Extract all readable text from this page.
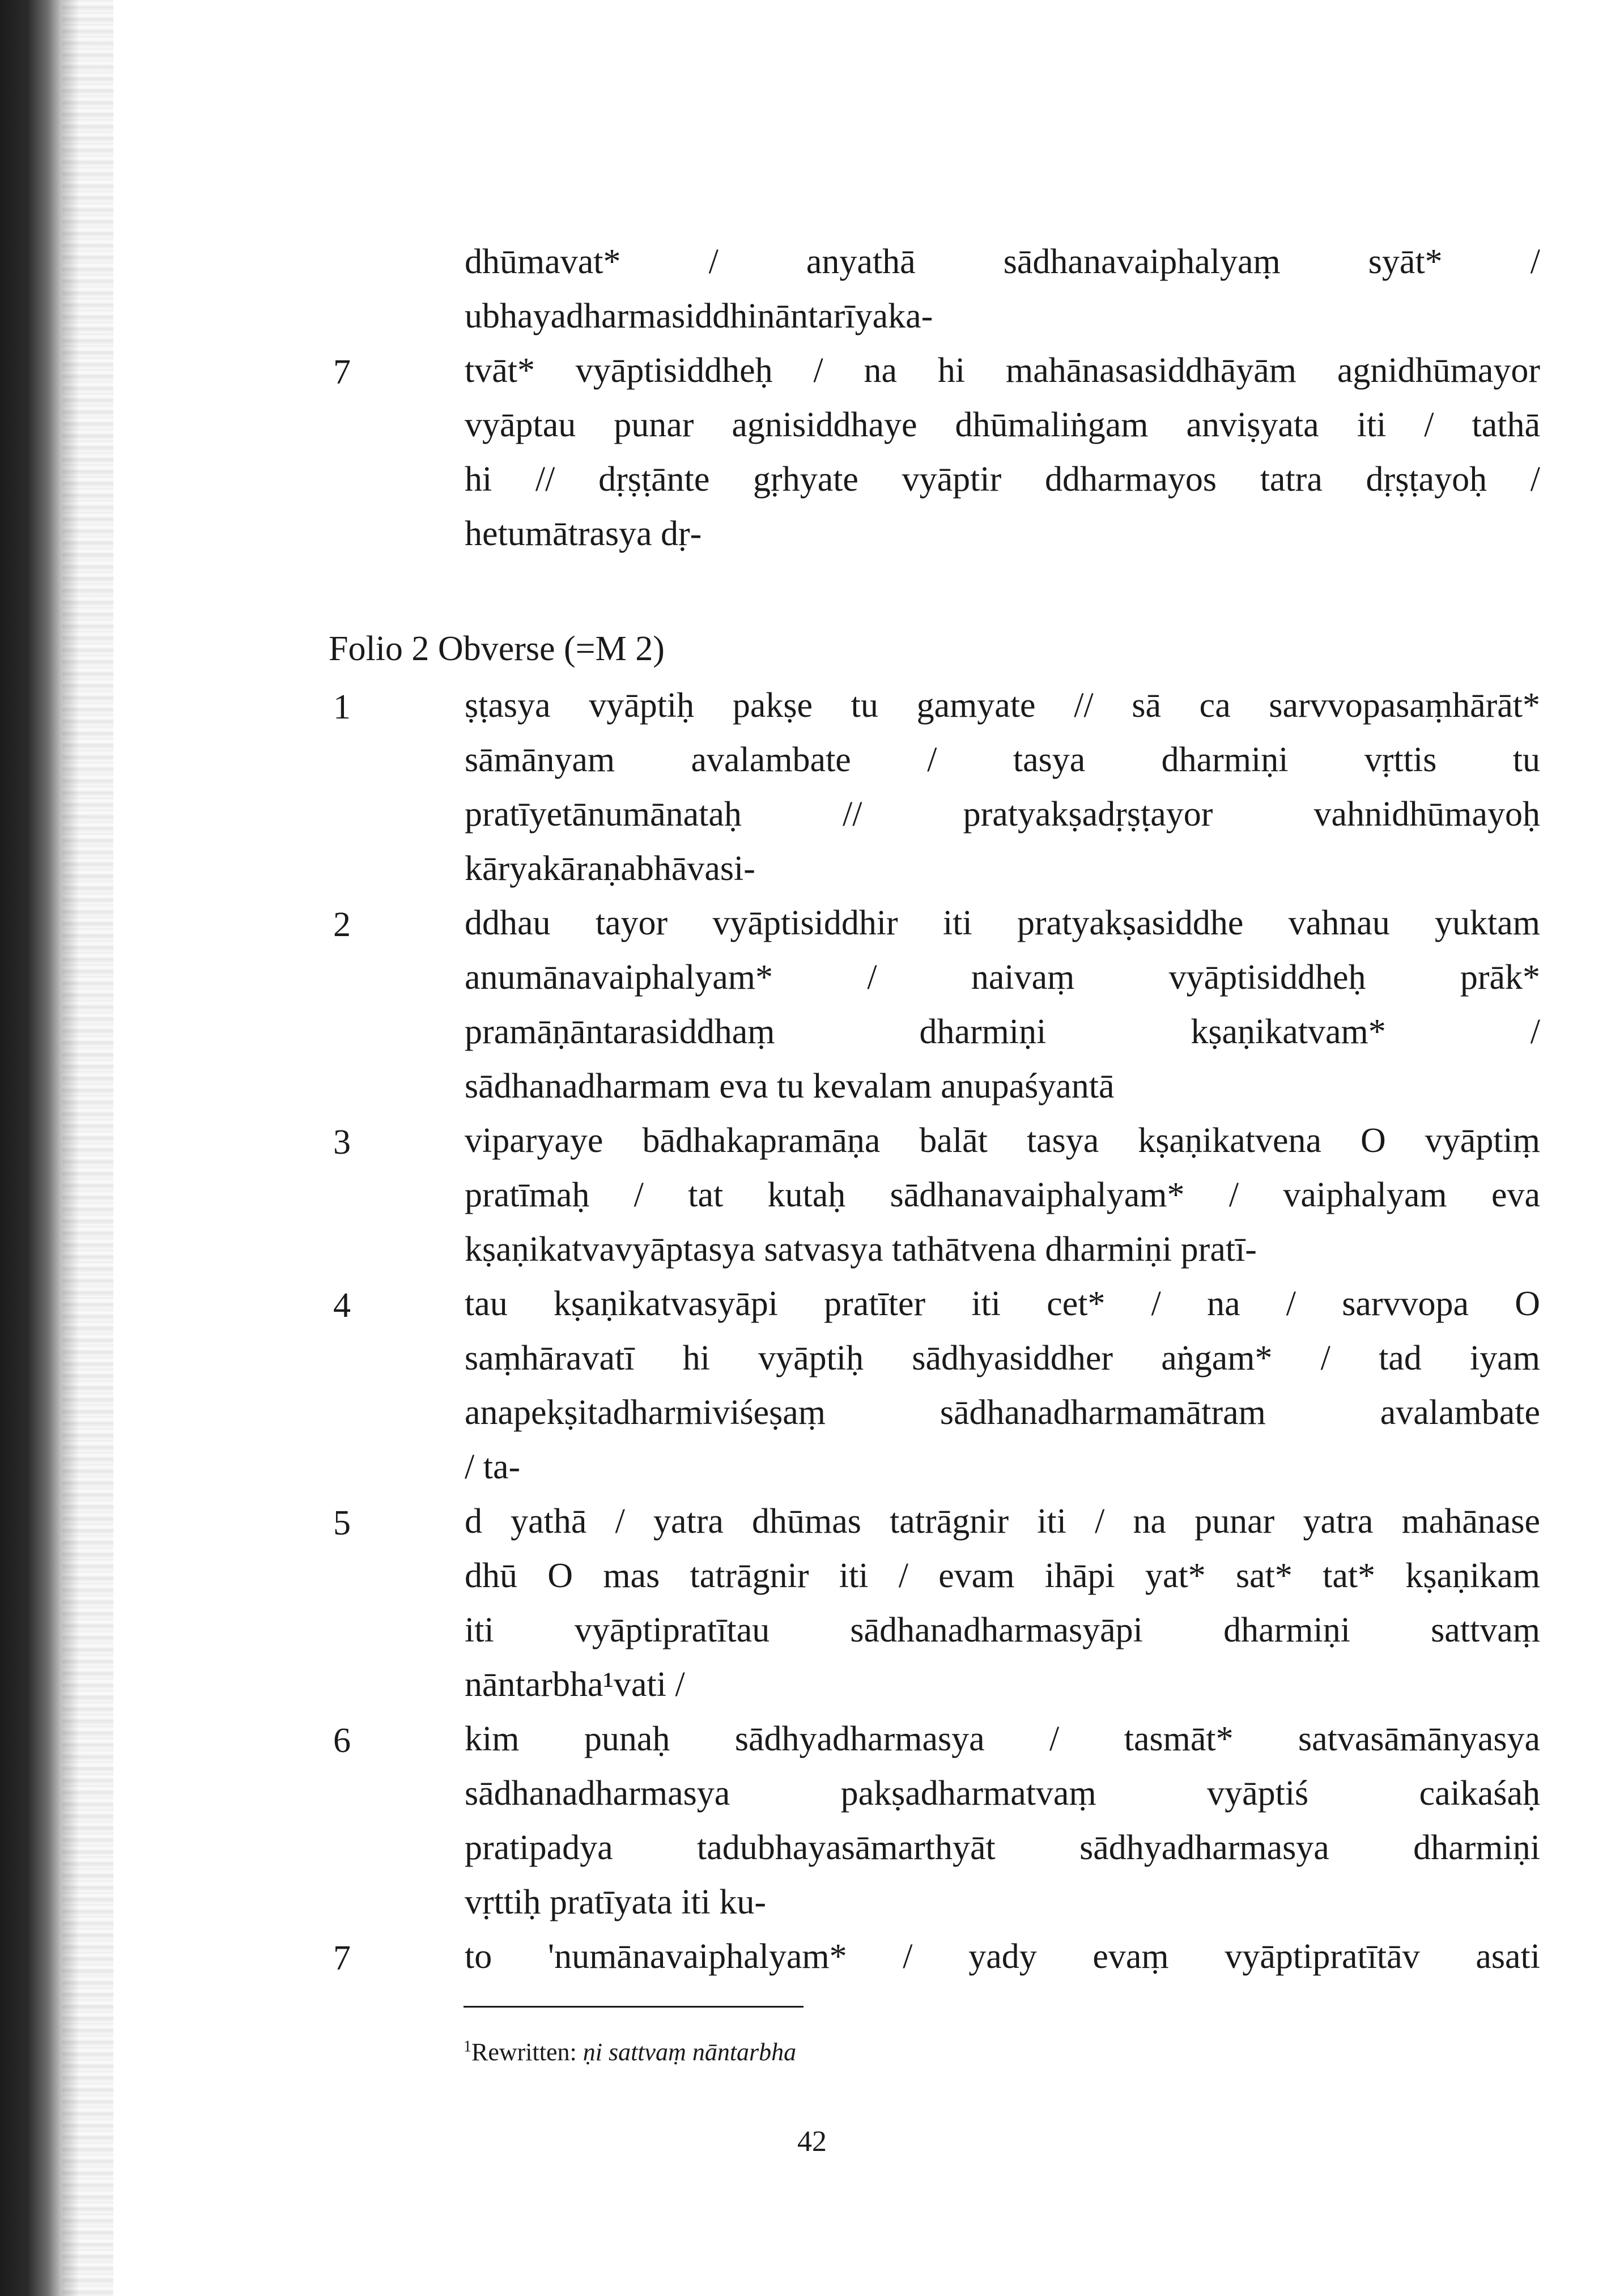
dhūmavat* / anyathā sādhanavaiphalyaṃ syāt* /
ubhayadharmasiddhināntarīyaka-
7	tvāt* vyāptisiddheḥ / na hi mahānasasiddhāyām agnidhūmayor
vyāptau punar agnisiddhaye dhūmaliṅgam anviṣyata iti / tathā
hi // dṛṣṭānte gṛhyate vyāptir ddharmayos tatra dṛṣṭayoḥ /
hetumātrasya dṛ-
Folio 2 Obverse (=M 2)
1	ṣṭasya vyāptiḥ pakṣe tu gamyate // sā ca sarvvopasaṃhārāt*
sāmānyam avalambate / tasya dharmiṇi vṛttis tu
pratīyetānumānataḥ // pratyakṣadṛṣṭayor vahnidhūmayoḥ
kāryakāraṇabhāvasi-
2	ddhau tayor vyāptisiddhir iti pratyakṣasiddhe vahnau yuktam
anumānavaiphalyam* / naivaṃ vyāptisiddheḥ prāk*
pramāṇāntarasiddhaṃ dharmiṇi kṣaṇikatvam* /
sādhanadharmam eva tu kevalam anupaśyantā
3	viparyaye bādhakapramāṇa balāt tasya kṣaṇikatvena O vyāptiṃ
pratīmaḥ / tat kutaḥ sādhanavaiphalyam* / vaiphalyam eva
kṣaṇikatvavyāptasya satvasya tathātvena dharmiṇi pratī-
4	tau kṣaṇikatvasyāpi pratīter iti cet* / na / sarvvopa O
saṃhāravatī hi vyāptiḥ sādhyasiddher aṅgam* / tad iyam
anapekṣitadharmiviśeṣaṃ sādhanadharmamātram avalambate
/ ta-
5	d yathā / yatra dhūmas tatrāgnir iti / na punar yatra mahānase
dhū O mas tatrāgnir iti / evam ihāpi yat* sat* tat* kṣaṇikam
iti vyāptipratītau sādhanadharmasyāpi dharmiṇi sattvaṃ
nāntarbha¹vati /
6	kim punaḥ sādhyadharmasya / tasmāt* satvasāmānyasya
sādhanadharmasya pakṣadharmatvaṃ vyāptiś caikaśaḥ
pratipadya tadubhayasāmarthyāt sādhyadharmasya dharmiṇi
vṛttiḥ pratīyata iti ku-
7	to 'numānavaiphalyam* / yady evaṃ vyāptipratītāv asati
$^1$Rewritten: ṇi sattvaṃ nāntarbha
42
